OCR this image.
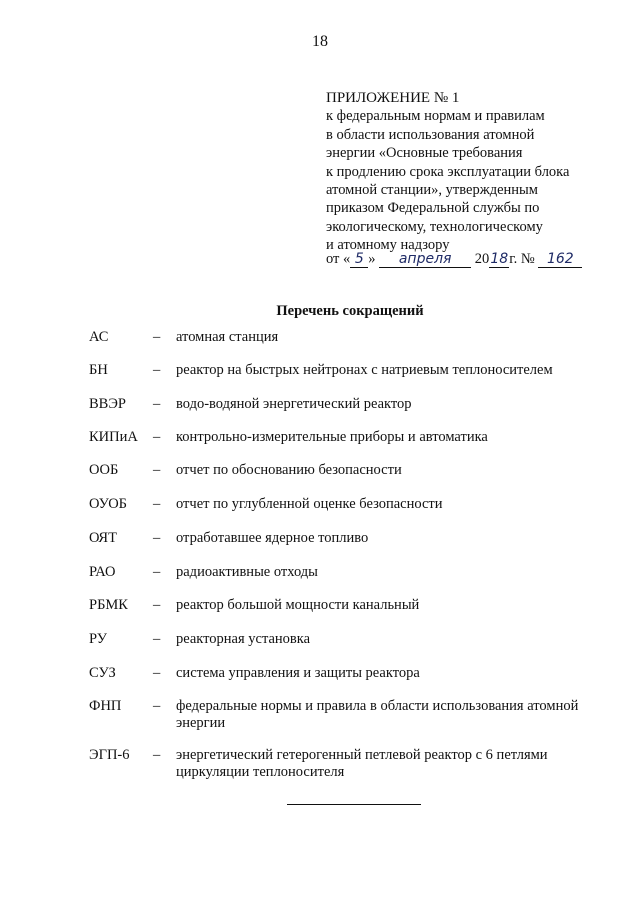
18
ПРИЛОЖЕНИЕ № 1
к федеральным нормам и правилам
в области использования атомной
энергии «Основные требования
к продлению срока эксплуатации блока
атомной станции», утвержденным
приказом Федеральной службы по
экологическому, технологическому
и атомному надзору
от « 5 » апреля 2018г. № 162
Перечень сокращений
АС	– атомная станция
БН	– реактор на быстрых нейтронах с натриевым теплоносителем
ВВЭР – водо-водяной энергетический реактор
КИПиА – контрольно-измерительные приборы и автоматика
ООБ – отчет по обоснованию безопасности
ОУОБ – отчет по углубленной оценке безопасности
ОЯТ – отработавшее ядерное топливо
РАО	– радиоактивные отходы
РБМК – реактор большой мощности канальный
РУ	– реакторная установка
СУЗ	– система управления и защиты реактора
ФНП – федеральные нормы и правила в области использования атомной энергии
ЭГП-6 – энергетический гетерогенный петлевой реактор с 6 петлями циркуляции теплоносителя
